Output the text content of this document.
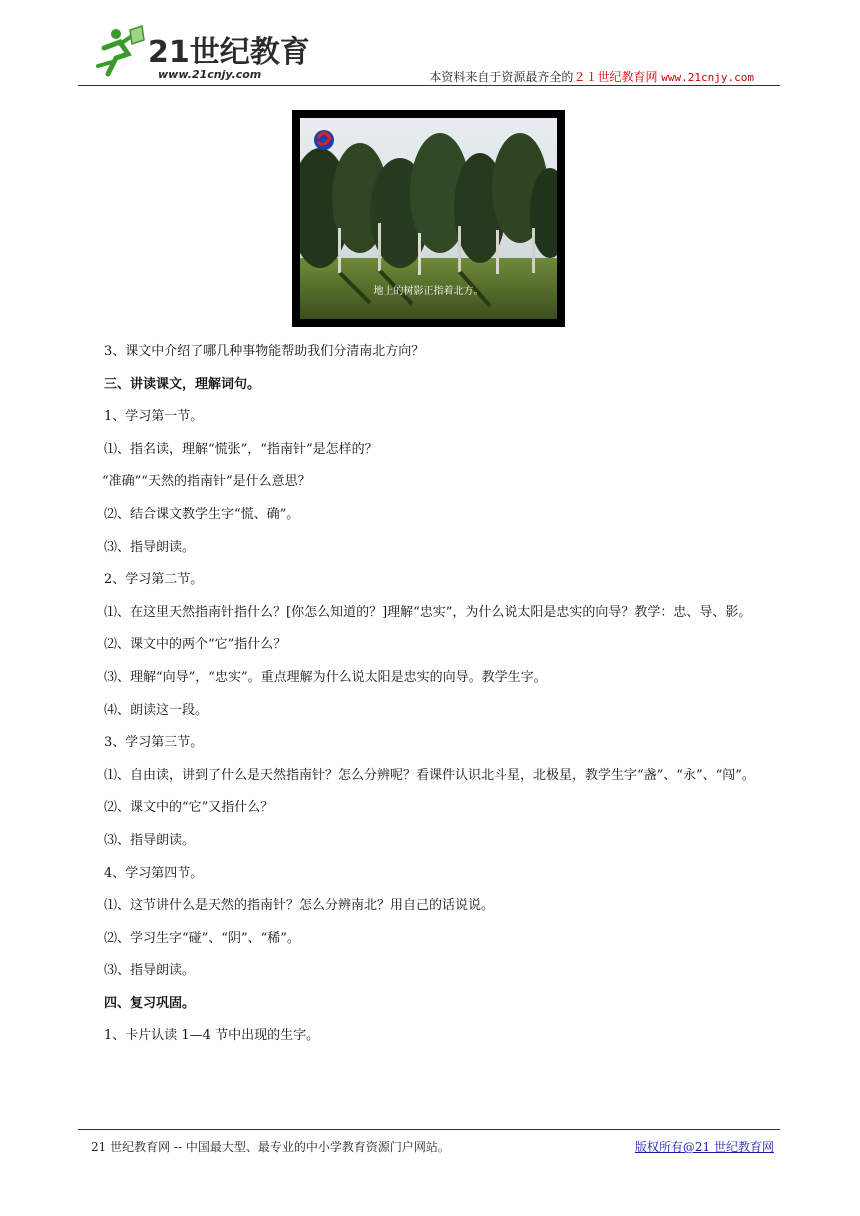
21世纪教育
www.21cnjy.com	本资料来自于资源最齐全的２１世纪教育网 www.21cnjy.com
地上的树影正指着北方。

3、课文中介绍了哪几种事物能帮助我们分清南北方向？

三、讲读课文，理解词句。

1、学习第一节。

⑴、指名读，理解“慌张”，“指南针”是怎样的？

“准确”“天然的指南针”是什么意思？

⑵、结合课文教学生字“慌、确”。

⑶、指导朗读。

2、学习第二节。

⑴、在这里天然指南针指什么？[你怎么知道的？]理解“忠实”，为什么说太阳是忠实的向导？教学：忠、导、影。

⑵、课文中的两个“它”指什么？

⑶、理解“向导”，“忠实”。重点理解为什么说太阳是忠实的向导。教学生字。

⑷、朗读这一段。

3、学习第三节。

⑴、自由读，讲到了什么是天然指南针？怎么分辨呢？看课件认识北斗星，北极星，教学生字“盏”、“永”、“闯”。

⑵、课文中的“它”又指什么？

⑶、指导朗读。

4、学习第四节。

⑴、这节讲什么是天然的指南针？怎么分辨南北？用自己的话说说。

⑵、学习生字“碰”、“阴”、“稀”。

⑶、指导朗读。

四、复习巩固。

1、卡片认读 1—4 节中出现的生字。

21 世纪教育网 -- 中国最大型、最专业的中小学教育资源门户网站。	版权所有@21 世纪教育网
